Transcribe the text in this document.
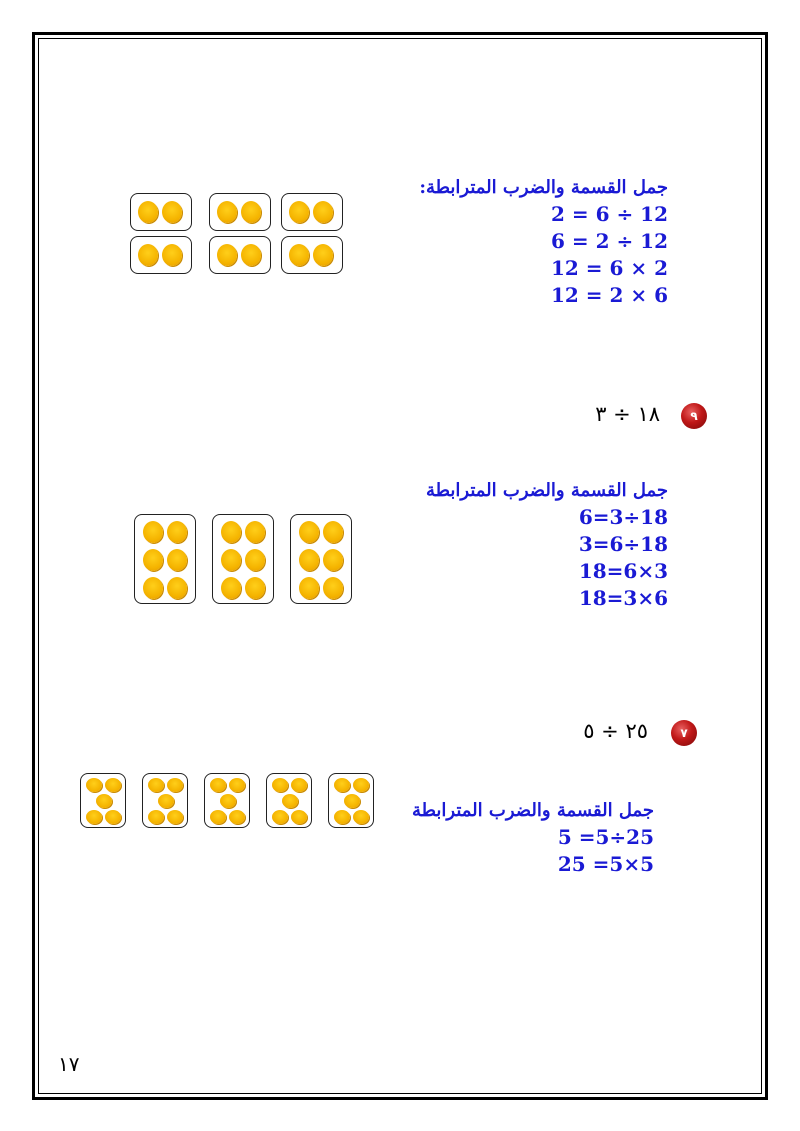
جمل القسمة والضرب المترابطة:
2 = 6 ÷ 12
6 = 2 ÷ 12
12 = 6 × 2
12 = 2 × 6
٩
١٨ ÷ ٣
جمل القسمة والضرب المترابطة
6=3÷18
3=6÷18
18=6×3
18=3×6
٧
٢٥ ÷ ٥
جمل القسمة والضرب المترابطة
5 =5÷25
25 =5×5
١٧
